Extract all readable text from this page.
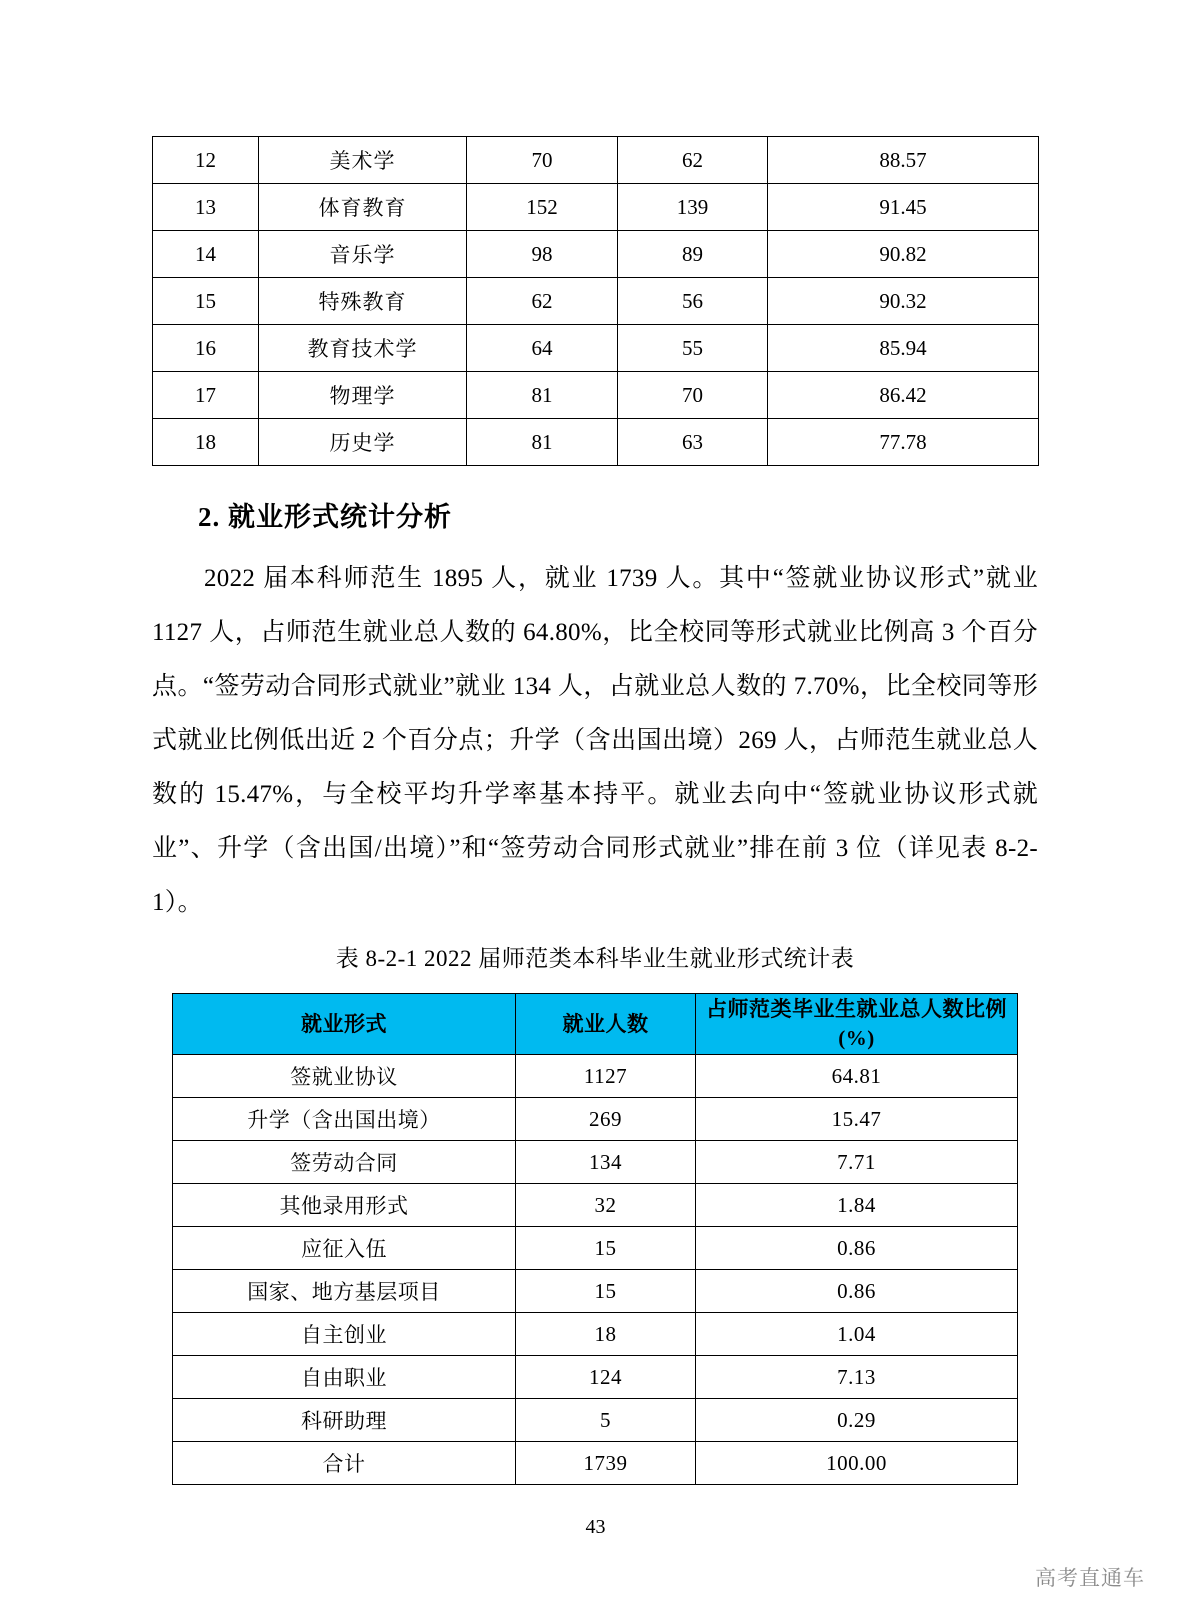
12	美术学	70	62	88.57
13	体育教育	152	139	91.45
14	音乐学	98	89	90.82
15	特殊教育	62	56	90.32
16	教育技术学	64	55	85.94
17	物理学	81	70	86.42
18	历史学	81	63	77.78
2. 就业形式统计分析
2022 届本科师范生 1895 人，就业 1739 人。其中“签就业协议形式”就业 1127 人，占师范生就业总人数的 64.80%，比全校同等形式就业比例高 3 个百分点。“签劳动合同形式就业”就业 134 人，占就业总人数的 7.70%，比全校同等形式就业比例低出近 2 个百分点；升学（含出国出境）269 人，占师范生就业总人数的 15.47%，与全校平均升学率基本持平。就业去向中“签就业协议形式就业”、升学（含出国/出境）”和“签劳动合同形式就业”排在前 3 位（详见表 8-2-1）。
表 8-2-1 2022 届师范类本科毕业生就业形式统计表
就业形式	就业人数	占师范类毕业生就业总人数比例(%)
签就业协议	1127	64.81
升学（含出国出境）	269	15.47
签劳动合同	134	7.71
其他录用形式	32	1.84
应征入伍	15	0.86
国家、地方基层项目	15	0.86
自主创业	18	1.04
自由职业	124	7.13
科研助理	5	0.29
合计	1739	100.00
43
高考直通车
